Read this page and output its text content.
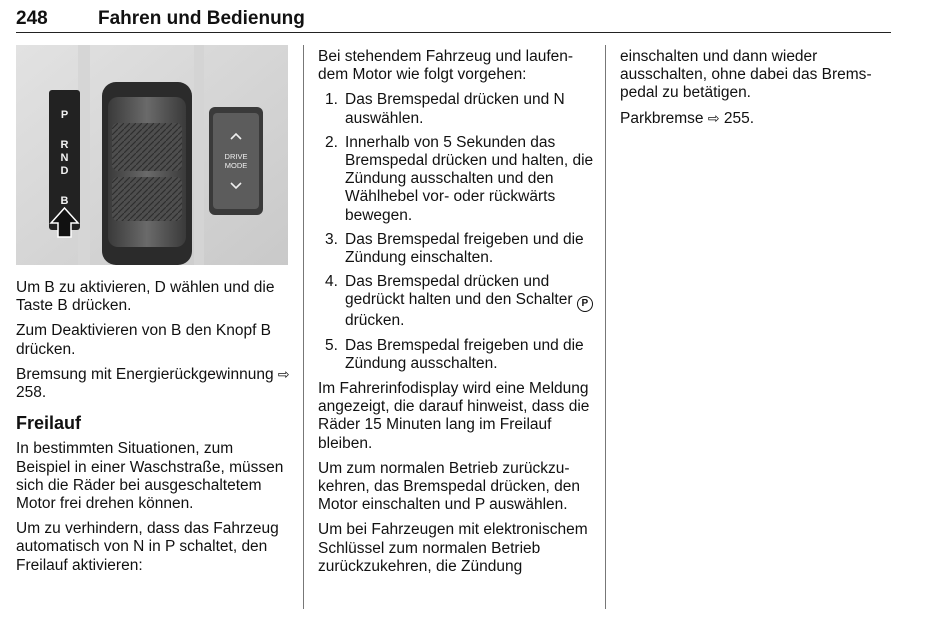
248	Fahren und Bedienung
P
R
N
D
B
DRIVE
MODE

Um B zu aktivieren, D wählen und die Taste B drücken.

Zum Deaktivieren von B den Knopf B drücken.

Bremsung mit Energierückgewinnung ⇨ 258.

Freilauf

In bestimmten Situationen, zum Beispiel in einer Waschstraße, müssen sich die Räder bei ausgeschaltetem Motor frei drehen können.

Um zu verhindern, dass das Fahrzeug automatisch von N in P schaltet, den Freilauf aktivieren:

Bei stehendem Fahrzeug und laufendem Motor wie folgt vorgehen:

1. Das Bremspedal drücken und N auswählen.
2. Innerhalb von 5 Sekunden das Bremspedal drücken und halten, die Zündung ausschalten und den Wählhebel vor- oder rückwärts bewegen.
3. Das Bremspedal freigeben und die Zündung einschalten.
4. Das Bremspedal drücken und gedrückt halten und den Schalter P drücken.
5. Das Bremspedal freigeben und die Zündung ausschalten.

Im Fahrerinfodisplay wird eine Meldung angezeigt, die darauf hinweist, dass die Räder 15 Minuten lang im Freilauf bleiben.

Um zum normalen Betrieb zurückzukehren, das Bremspedal drücken, den Motor einschalten und P auswählen.

Um bei Fahrzeugen mit elektronischem Schlüssel zum normalen Betrieb zurückzukehren, die Zündung

einschalten und dann wieder ausschalten, ohne dabei das Bremspedal zu betätigen.

Parkbremse ⇨ 255.
